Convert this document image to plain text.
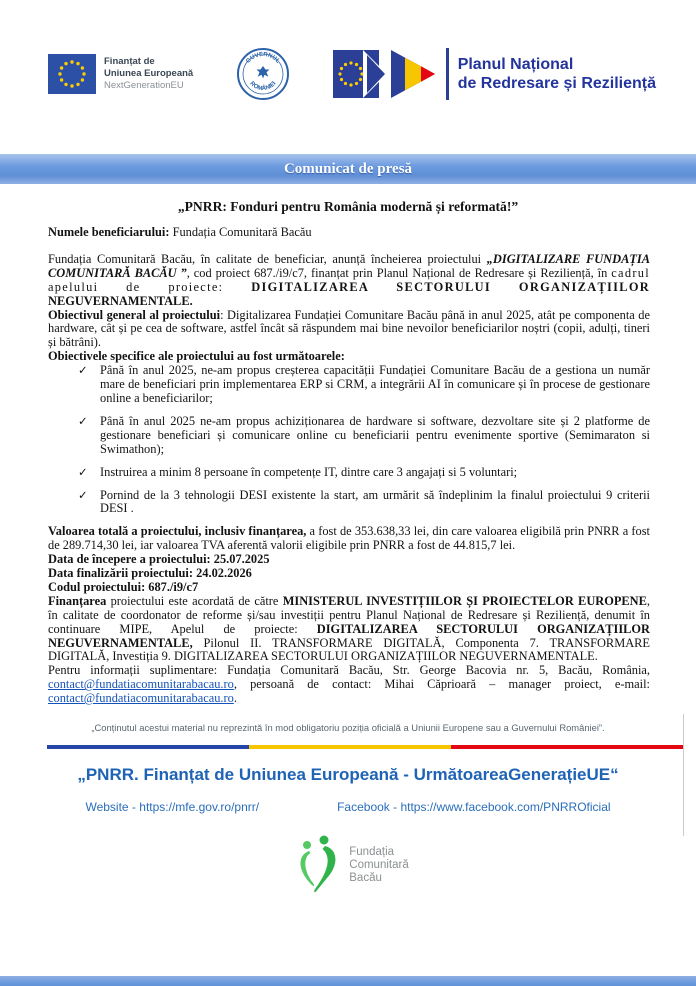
Finanțat de
Uniunea Europeană
NextGenerationEU
GUVERNUL
ROMÂNIEI
Planul Național
de Redresare și Reziliență
Comunicat de presă
„PNRR: Fonduri pentru România modernă și reformată!”

Numele beneficiarului: Fundația Comunitară Bacău

Fundația Comunitară Bacău, în calitate de beneficiar, anunță încheierea proiectului „DIGITALIZARE FUNDAȚIA COMUNITARĂ BACĂU ”, cod proiect 687./i9/c7, finanțat prin Planul Național de Redresare și Reziliență, în cadrul apelului de proiecte: DIGITALIZAREA SECTORULUI ORGANIZAȚIILOR NEGUVERNAMENTALE.

Obiectivul general al proiectului: Digitalizarea Fundației Comunitare Bacău până in anul 2025, atât pe componenta de hardware, cât și pe cea de software, astfel încât să răspundem mai bine nevoilor beneficiarilor noștri (copii, adulți, tineri și bătrâni).

Obiectivele specifice ale proiectului au fost următoarele:

✓ Până în anul 2025, ne-am propus creșterea capacității Fundației Comunitare Bacău de a gestiona un număr mare de beneficiari prin implementarea ERP si CRM, a integrării AI în comunicare și în procese de gestionare online a beneficiarilor;
✓ Până în anul 2025 ne-am propus achiziționarea de hardware si software, dezvoltare site și 2 platforme de gestionare beneficiari și comunicare online cu beneficiarii pentru evenimente sportive (Semimaraton si Swimathon);
✓ Instruirea a minim 8 persoane în competențe IT, dintre care 3 angajați si 5 voluntari;
✓ Pornind de la 3 tehnologii DESI existente la start, am urmărit să îndeplinim la finalul proiectului 9 criterii DESI .

Valoarea totală a proiectului, inclusiv finanțarea, a fost de 353.638,33 lei, din care valoarea eligibilă prin PNRR a fost de 289.714,30 lei, iar valoarea TVA aferentă valorii eligibile prin PNRR a fost de 44.815,7 lei.

Data de începere a proiectului: 25.07.2025

Data finalizării proiectului: 24.02.2026

Codul proiectului: 687./i9/c7

Finanțarea proiectului este acordată de către MINISTERUL INVESTIȚIILOR ȘI PROIECTELOR EUROPENE, în calitate de coordonator de reforme și/sau investiții pentru Planul Național de Redresare și Reziliență, denumit în continuare MIPE, Apelul de proiecte: DIGITALIZAREA SECTORULUI ORGANIZAȚIILOR NEGUVERNAMENTALE, Pilonul II. TRANSFORMARE DIGITALĂ, Componenta 7. TRANSFORMARE DIGITALĂ, Investiția 9. DIGITALIZAREA SECTORULUI ORGANIZAȚIILOR NEGUVERNAMENTALE.

Pentru informații suplimentare: Fundația Comunitară Bacău, Str. George Bacovia nr. 5, Bacău, România, contact@fundatiacomunitarabacau.ro, persoană de contact: Mihai Căprioară – manager proiect, e-mail: contact@fundatiacomunitarabacau.ro.

„Conținutul acestui material nu reprezintă în mod obligatoriu poziția oficială a Uniunii Europene sau a Guvernului României”.

„PNRR. Finanțat de Uniunea Europeană - UrmătoareaGenerațieUE“

Website - https://mfe.gov.ro/pnrr/	Facebook - https://www.facebook.com/PNRROficial
Fundația
Comunitară
Bacău
